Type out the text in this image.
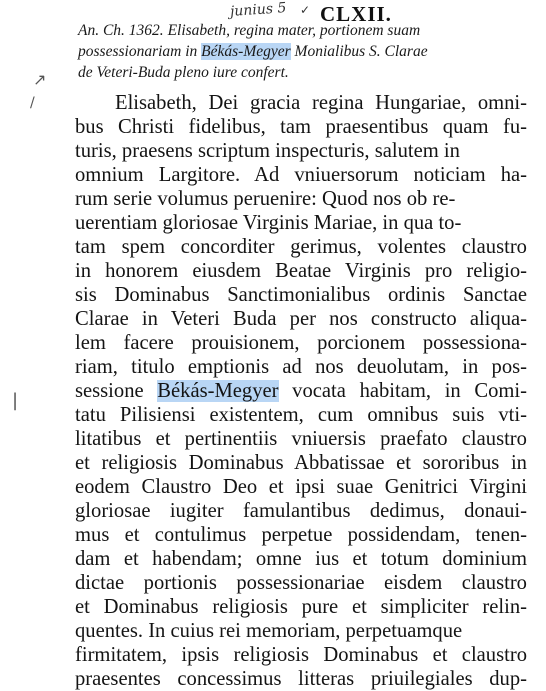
junius 5 ✓ CLXII.
↗
/
|
An. Ch. 1362. Elisabeth, regina mater, portionem suam
possessionariam in Békás-Megyer Monialibus S. Clarae
de Veteri-Buda pleno iure confert.
Elisabeth, Dei gracia regina Hungariae, omni-
bus Christi fidelibus, tam praesentibus quam fu-
turis, praesens scriptum inspecturis, salutem in
omnium Largitore. Ad vniuersorum noticiam ha-
rum serie volumus peruenire: Quod nos ob re-
uerentiam gloriosae Virginis Mariae, in qua to-
tam spem concorditer gerimus, volentes claustro
in honorem eiusdem Beatae Virginis pro religio-
sis Dominabus Sanctimonialibus ordinis Sanctae
Clarae in Veteri Buda per nos constructo aliqua-
lem facere prouisionem, porcionem possessiona-
riam, titulo emptionis ad nos deuolutam, in pos-
sessione Békás-Megyer vocata habitam, in Comi-
tatu Pilisiensi existentem, cum omnibus suis vti-
litatibus et pertinentiis vniuersis praefato claustro
et religiosis Dominabus Abbatissae et sororibus in
eodem Claustro Deo et ipsi suae Genitrici Virgini
gloriosae iugiter famulantibus dedimus, donaui-
mus et contulimus perpetue possidendam, tenen-
dam et habendam; omne ius et totum dominium
dictae portionis possessionariae eisdem claustro
et Dominabus religiosis pure et simpliciter relin-
quentes. In cuius rei memoriam, perpetuamque
firmitatem, ipsis religiosis Dominabus et claustro
praesentes concessimus litteras priuilegiales dup-
